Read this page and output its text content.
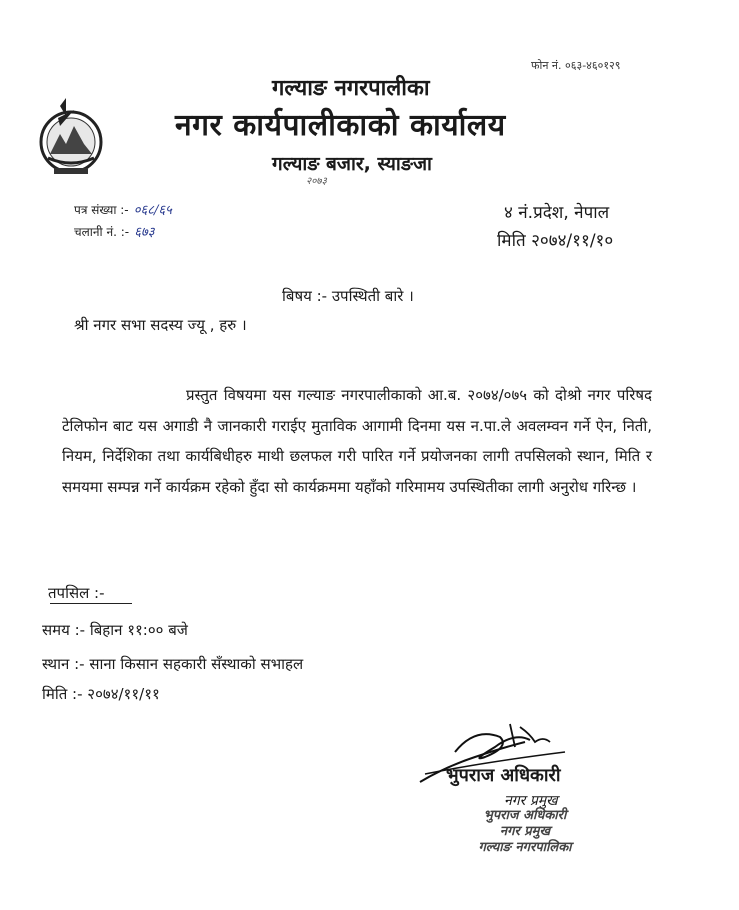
फोन नं. ०६३-४६०१२९
गल्याङ नगरपालीका
नगर कार्यपालीकाको कार्यालय
गल्याङ बजार, स्याङजा
२०७३
पत्र संख्या :- ०६८/६५
चलानी नं. :- ६७३
४ नं.प्रदेश, नेपाल
मिति २०७४/११/१०
बिषय :- उपस्थिती बारे ।
श्री नगर सभा सदस्य ज्यू , हरु ।
प्रस्तुत विषयमा यस गल्याङ नगरपालीकाको आ.ब. २०७४/०७५ को दोश्रो नगर परिषद टेलिफोन बाट यस अगाडी नै जानकारी गराईए मुताविक आगामी दिनमा यस न.पा.ले अवलम्वन गर्ने ऐन, निती, नियम, निर्देशिका तथा कार्यबिधीहरु माथी छलफल गरी पारित गर्ने प्रयोजनका लागी तपसिलको स्थान, मिति र समयमा सम्पन्न गर्ने कार्यक्रम रहेको हुँदा सो कार्यक्रममा यहाँको गरिमामय उपस्थितीका लागी अनुरोध गरिन्छ ।
तपसिल :-
समय :- बिहान ११:०० बजे
स्थान :- साना किसान सहकारी सँस्थाको सभाहल
मिति :- २०७४/११/११
भुपराज अधिकारी
नगर प्रमुख
भुपराज अधिकारी
नगर प्रमुख
गल्याङ नगरपालिका
